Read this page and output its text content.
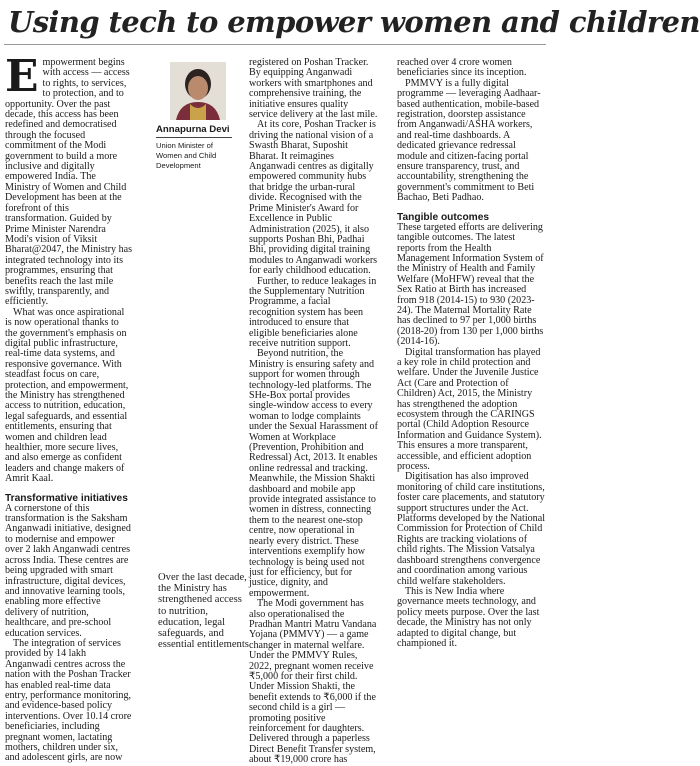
Using tech to empower women and children

Empowerment begins with access — access to rights, to services, to protection, and to opportunity. Over the past decade, this access has been redefined and democratised through the focused commitment of the Modi government to build a more inclusive and digitally empowered India. The Ministry of Women and Child Development has been at the forefront of this transformation. Guided by Prime Minister Narendra Modi's vision of Viksit Bharat@2047, the Ministry has integrated technology into its programmes, ensuring that benefits reach the last mile swiftly, transparently, and efficiently.

What was once aspirational is now operational thanks to the government's emphasis on digital public infrastructure, real-time data systems, and responsive governance. With steadfast focus on care, protection, and empowerment, the Ministry has strengthened access to nutrition, education, legal safeguards, and essential entitlements, ensuring that women and children lead healthier, more secure lives, and also emerge as confident leaders and change makers of Amrit Kaal.

Transformative initiatives

A cornerstone of this transformation is the Saksham Anganwadi initiative, designed to modernise and empower over 2 lakh Anganwadi centres across India. These centres are being upgraded with smart infrastructure, digital devices, and innovative learning tools, enabling more effective delivery of nutrition, healthcare, and pre-school education services.

The integration of services provided by 14 lakh Anganwadi centres across the nation with the Poshan Tracker has enabled real-time data entry, performance monitoring, and evidence-based policy interventions. Over 10.14 crore beneficiaries, including pregnant women, lactating mothers, children under six, and adolescent girls, are now

Annapurna Devi
Union Minister of
Women and Child
Development
Over the last decade, the Ministry has strengthened access to nutrition, education, legal safeguards, and essential entitlements

registered on Poshan Tracker. By equipping Anganwadi workers with smartphones and comprehensive training, the initiative ensures quality service delivery at the last mile.

At its core, Poshan Tracker is driving the national vision of a Swasth Bharat, Suposhit Bharat. It reimagines Anganwadi centres as digitally empowered community hubs that bridge the urban-rural divide. Recognised with the Prime Minister's Award for Excellence in Public Administration (2025), it also supports Poshan Bhi, Padhai Bhi, providing digital training modules to Anganwadi workers for early childhood education.

Further, to reduce leakages in the Supplementary Nutrition Programme, a facial recognition system has been introduced to ensure that eligible beneficiaries alone receive nutrition support.

Beyond nutrition, the Ministry is ensuring safety and support for women through technology-led platforms. The SHe-Box portal provides single-window access to every woman to lodge complaints under the Sexual Harassment of Women at Workplace (Prevention, Prohibition and Redressal) Act, 2013. It enables online redressal and tracking. Meanwhile, the Mission Shakti dashboard and mobile app provide integrated assistance to women in distress, connecting them to the nearest one-stop centre, now operational in nearly every district. These interventions exemplify how technology is being used not just for efficiency, but for justice, dignity, and empowerment.

The Modi government has also operationalised the Pradhan Mantri Matru Vandana Yojana (PMMVY) — a game changer in maternal welfare. Under the PMMVY Rules, 2022, pregnant women receive ₹5,000 for their first child. Under Mission Shakti, the benefit extends to ₹6,000 if the second child is a girl — promoting positive reinforcement for daughters. Delivered through a paperless Direct Benefit Transfer system, about ₹19,000 crore has

reached over 4 crore women beneficiaries since its inception.

PMMVY is a fully digital programme — leveraging Aadhaar-based authentication, mobile-based registration, doorstep assistance from Anganwadi/ASHA workers, and real-time dashboards. A dedicated grievance redressal module and citizen-facing portal ensure transparency, trust, and accountability, strengthening the government's commitment to Beti Bachao, Beti Padhao.

Tangible outcomes

These targeted efforts are delivering tangible outcomes. The latest reports from the Health Management Information System of the Ministry of Health and Family Welfare (MoHFW) reveal that the Sex Ratio at Birth has increased from 918 (2014-15) to 930 (2023-24). The Maternal Mortality Rate has declined to 97 per 1,000 births (2018-20) from 130 per 1,000 births (2014-16).

Digital transformation has played a key role in child protection and welfare. Under the Juvenile Justice Act (Care and Protection of Children) Act, 2015, the Ministry has strengthened the adoption ecosystem through the CARINGS portal (Child Adoption Resource Information and Guidance System). This ensures a more transparent, accessible, and efficient adoption process.

Digitisation has also improved monitoring of child care institutions, foster care placements, and statutory support structures under the Act. Platforms developed by the National Commission for Protection of Child Rights are tracking violations of child rights. The Mission Vatsalya dashboard strengthens convergence and coordination among various child welfare stakeholders.

This is New India where governance meets technology, and policy meets purpose. Over the last decade, the Ministry has not only adapted to digital change, but championed it.
